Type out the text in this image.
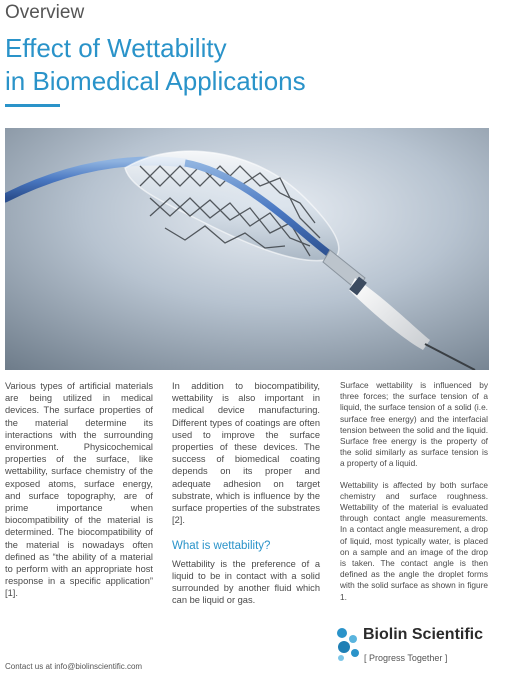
Overview
Effect of Wettability
in Biomedical Applications

Various types of artificial materials are being utilized in medical devices. The surface properties of the material determine its interactions with the surrounding environment. Physicochemical properties of the surface, like wettability, surface chemistry of the exposed atoms, surface energy, and surface topography, are of prime importance when biocompatibility of the material is determined. The biocompatibility of the material is nowadays often defined as “the ability of a material to perform with an appropriate host response in a specific application” [1].

In addition to biocompatibility, wettability is also important in medical device manufacturing. Different types of coatings are often used to improve the surface properties of these devices. The success of biomedical coating depends on its proper and adequate adhesion on target substrate, which is influence by the surface properties of the substrates [2].

What is wettability?

Wettability is the preference of a liquid to be in contact with a solid surrounded by another fluid which can be liquid or gas.

Surface wettability is influenced by three forces; the surface tension of a liquid, the surface tension of a solid (i.e. surface free energy) and the interfacial tension between the solid and the liquid. Surface free energy is the property of the solid similarly as surface tension is a property of a liquid.

Wettability is affected by both surface chemistry and surface roughness. Wettability of the material is evaluated through contact angle measurements. In a contact angle measurement, a drop of liquid, most typically water, is placed on a sample and an image of the drop is taken. The contact angle is then defined as the angle the droplet forms with the solid surface as shown in figure 1.

Contact us at info@biolinscientific.com
Biolin Scientific
[ Progress Together ]
